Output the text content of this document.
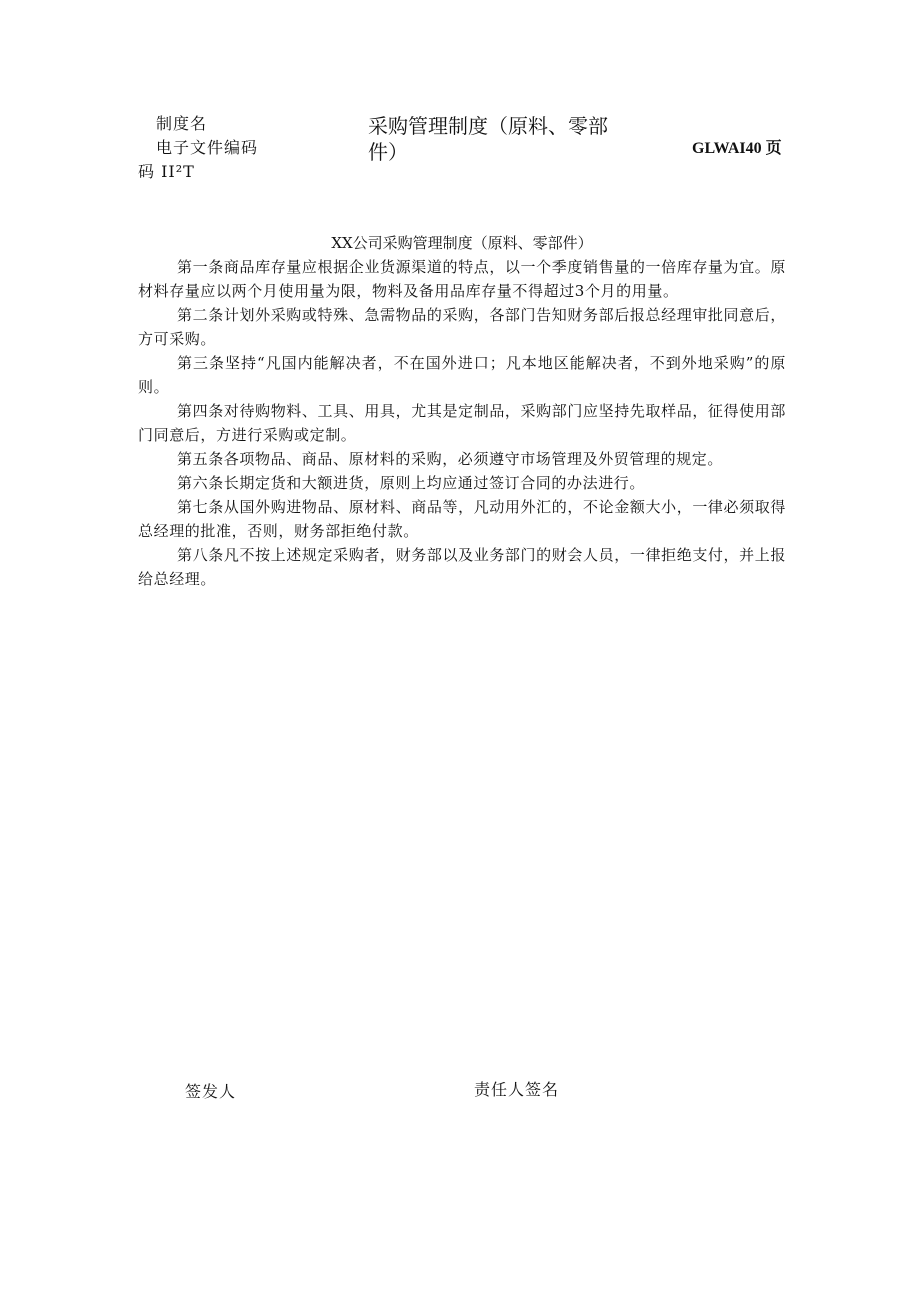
制度名
电子文件编码
码 II²T
采购管理制度（原料、零部件）	GLWAI40 页
XX公司采购管理制度（原料、零部件）

第一条商品库存量应根据企业货源渠道的特点，以一个季度销售量的一倍库存量为宜。原材料存量应以两个月使用量为限，物料及备用品库存量不得超过3个月的用量。

第二条计划外采购或特殊、急需物品的采购，各部门告知财务部后报总经理审批同意后，方可采购。

第三条坚持“凡国内能解决者，不在国外进口；凡本地区能解决者，不到外地采购”的原则。

第四条对待购物料、工具、用具，尤其是定制品，采购部门应坚持先取样品，征得使用部门同意后，方进行采购或定制。

第五条各项物品、商品、原材料的采购，必须遵守市场管理及外贸管理的规定。

第六条长期定货和大额进货，原则上均应通过签订合同的办法进行。

第七条从国外购进物品、原材料、商品等，凡动用外汇的，不论金额大小，一律必须取得总经理的批准，否则，财务部拒绝付款。

第八条凡不按上述规定采购者，财务部以及业务部门的财会人员，一律拒绝支付，并上报给总经理。

签发人	责任人签名
